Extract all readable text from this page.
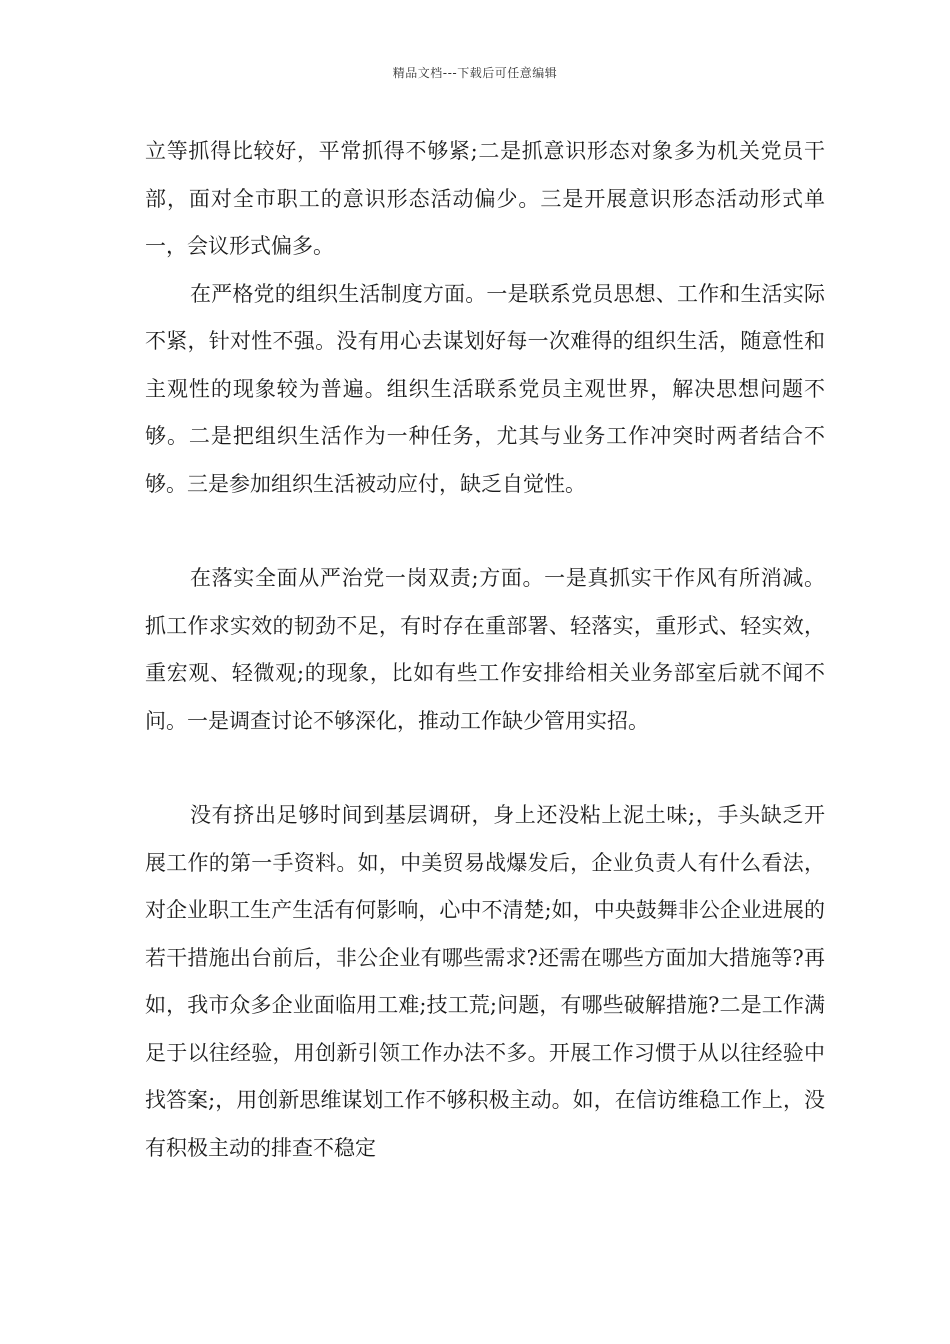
精品文档---下载后可任意编辑

立等抓得比较好，平常抓得不够紧;二是抓意识形态对象多为机关党员干部，面对全市职工的意识形态活动偏少。三是开展意识形态活动形式单一，会议形式偏多。

在严格党的组织生活制度方面。一是联系党员思想、工作和生活实际不紧，针对性不强。没有用心去谋划好每一次难得的组织生活，随意性和主观性的现象较为普遍。组织生活联系党员主观世界，解决思想问题不够。二是把组织生活作为一种任务，尤其与业务工作冲突时两者结合不够。三是参加组织生活被动应付，缺乏自觉性。

在落实全面从严治党一岗双责;方面。一是真抓实干作风有所消减。抓工作求实效的韧劲不足，有时存在重部署、轻落实，重形式、轻实效，重宏观、轻微观;的现象，比如有些工作安排给相关业务部室后就不闻不问。一是调查讨论不够深化，推动工作缺少管用实招。

没有挤出足够时间到基层调研，身上还没粘上泥土味;，手头缺乏开展工作的第一手资料。如，中美贸易战爆发后，企业负责人有什么看法，对企业职工生产生活有何影响，心中不清楚;如，中央鼓舞非公企业进展的若干措施出台前后，非公企业有哪些需求?还需在哪些方面加大措施等?再如，我市众多企业面临用工难;技工荒;问题，有哪些破解措施?二是工作满足于以往经验，用创新引领工作办法不多。开展工作习惯于从以往经验中找答案;，用创新思维谋划工作不够积极主动。如，在信访维稳工作上，没有积极主动的排查不稳定
